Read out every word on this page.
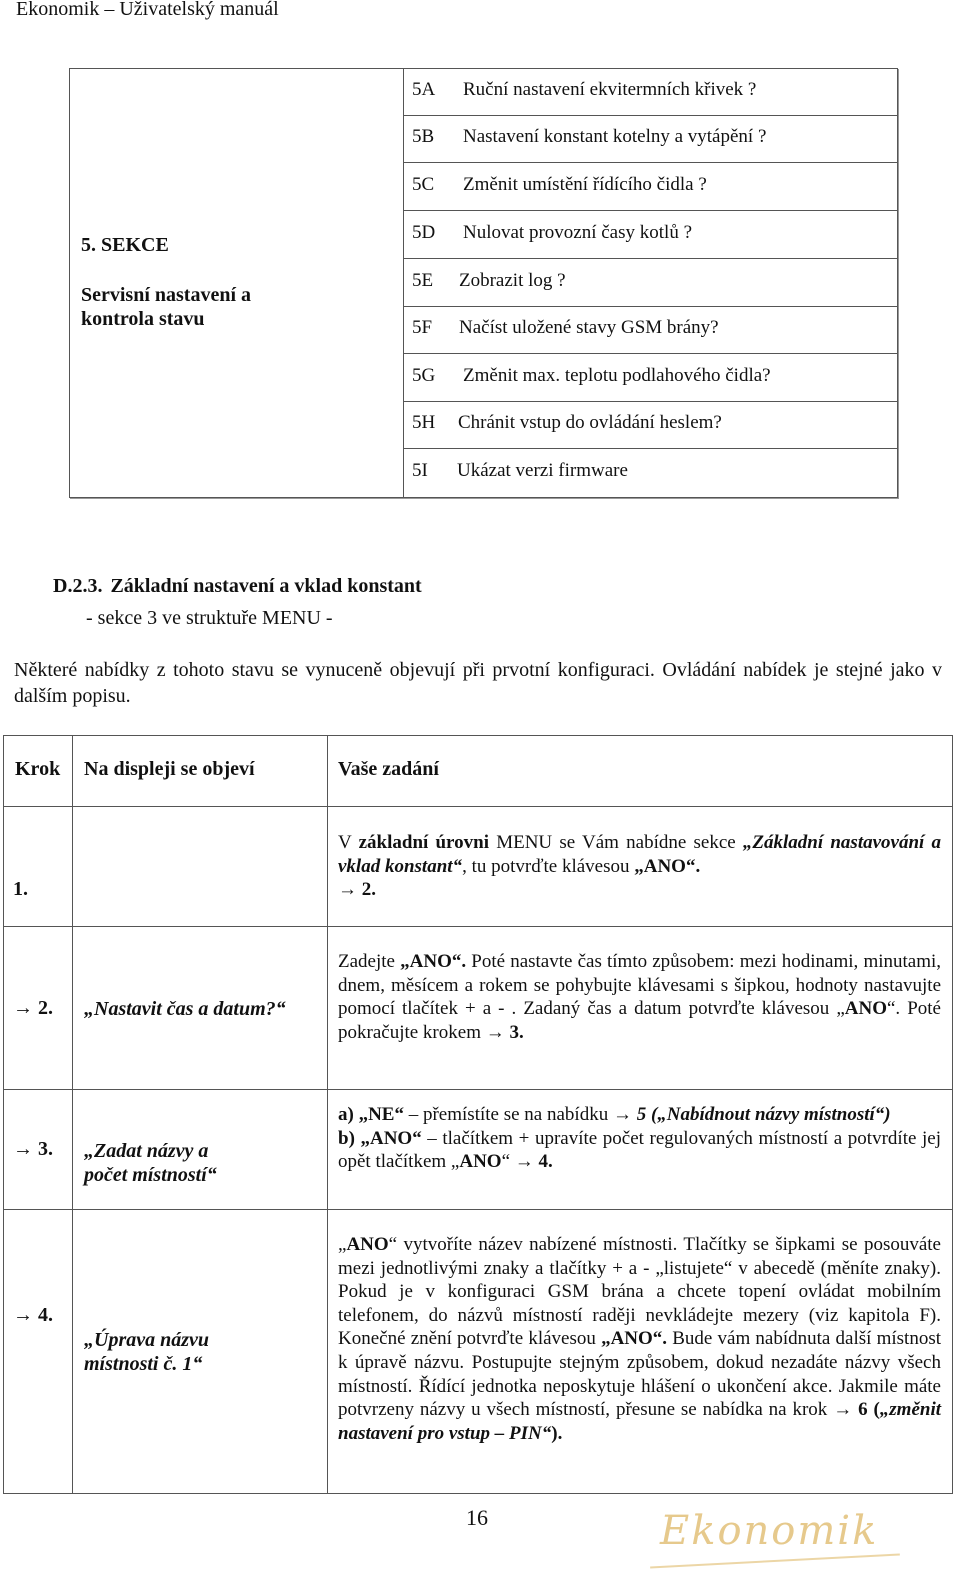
Ekonomik – Uživatelský manuál
5. SEKCE
Servisní nastavení a kontrola stavu
5A Ruční nastavení ekvitermních křivek ?
5B Nastavení konstant kotelny a vytápění ?
5C Změnit umístění řídícího čidla ?
5D Nulovat provozní časy kotlů ?
5E Zobrazit log ?
5F Načíst uložené stavy GSM brány?
5G Změnit max. teplotu podlahového čidla?
5H Chránit vstup do ovládání heslem?
5I Ukázat verzi firmware
D.2.3. Základní nastavení a vklad konstant
- sekce 3 ve struktuře MENU -
Některé nabídky z tohoto stavu se vynuceně objevují při prvotní konfiguraci. Ovládání nabídek je stejné jako v dalším popisu.
Krok Na displeji se objeví	Vaše zadání
1.
V základní úrovni MENU se Vám nabídne sekce „Základní nastavování a vklad konstant“, tu potvrďte klávesou „ANO“.
→ 2.
→ 2. „Nastavit čas a datum?“
Zadejte „ANO“. Poté nastavte čas tímto způsobem: mezi hodinami, minutami, dnem, měsícem a rokem se pohybujte klávesami s šipkou, hodnoty nastavujte pomocí tlačítek + a - . Zadaný čas a datum potvrďte klávesou „ANO“. Poté pokračujte krokem → 3.
→ 3. „Zadat názvy a počet místností“
a) „NE“ – přemístíte se na nabídku → 5 („Nabídnout názvy místností“)
b) „ANO“ – tlačítkem + upravíte počet regulovaných místností a potvrdíte jej opět tlačítkem „ANO“ → 4.
→ 4.
„Úprava názvu místnosti č. 1“
„ANO“ vytvoříte název nabízené místnosti. Tlačítky se šipkami se posouváte mezi jednotlivými znaky a tlačítky + a - „listujete“ v abecedě (měníte znaky). Pokud je v konfiguraci GSM brána a chcete topení ovládat mobilním telefonem, do názvů místností raději nevkládejte mezery (viz kapitola F). Konečné znění potvrďte klávesou „ANO“. Bude vám nabídnuta další místnost k úpravě názvu. Postupujte stejným způsobem, dokud nezadáte názvy všech místností. Řídící jednotka neposkytuje hlášení o ukončení akce. Jakmile máte potvrzeny názvy u všech místností, přesune se nabídka na krok → 6 („změnit nastavení pro vstup – PIN“).
16	Ekonomik
